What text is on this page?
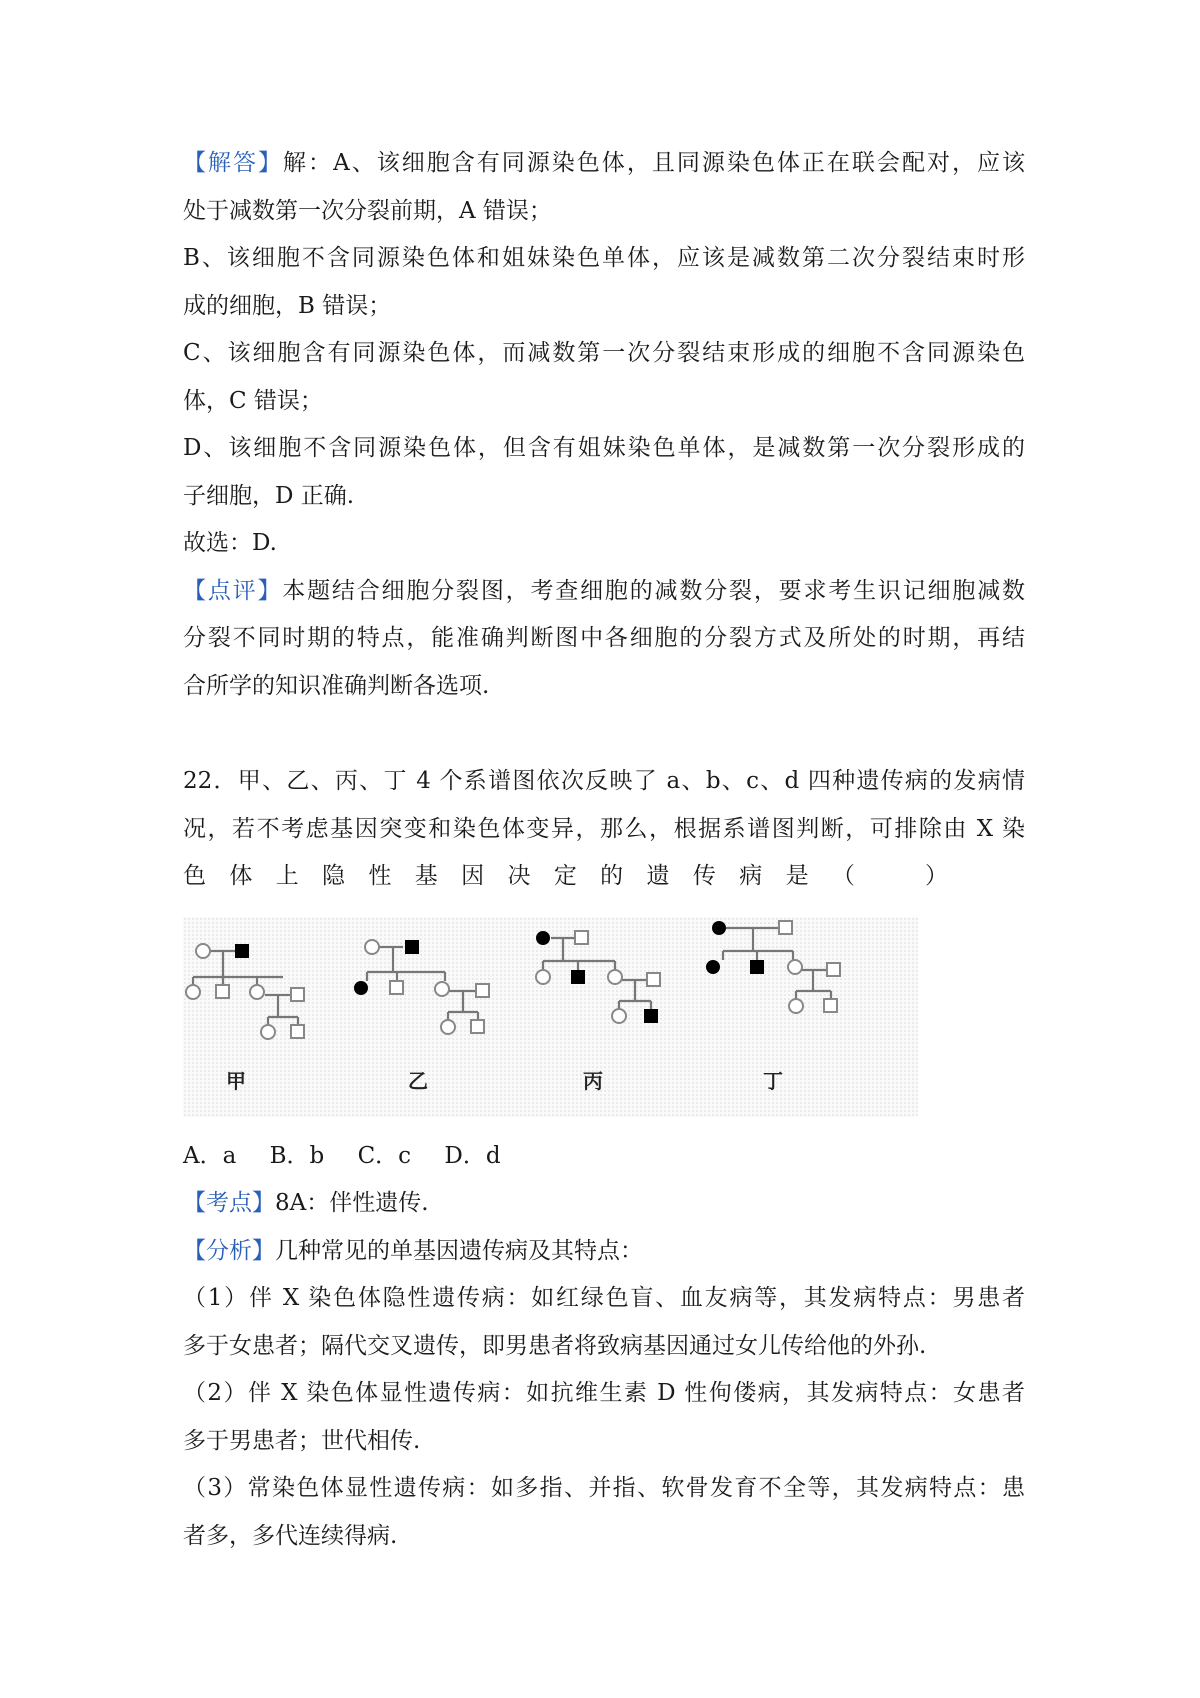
【解答】解：A、该细胞含有同源染色体，且同源染色体正在联会配对，应该
处于减数第一次分裂前期，A 错误；
B、该细胞不含同源染色体和姐妹染色单体，应该是减数第二次分裂结束时形
成的细胞，B 错误；
C、该细胞含有同源染色体，而减数第一次分裂结束形成的细胞不含同源染色
体，C 错误；
D、该细胞不含同源染色体，但含有姐妹染色单体，是减数第一次分裂形成的
子细胞，D 正确.
故选：D.
【点评】本题结合细胞分裂图，考查细胞的减数分裂，要求考生识记细胞减数
分裂不同时期的特点，能准确判断图中各细胞的分裂方式及所处的时期，再结
合所学的知识准确判断各选项.
22．甲、乙、丙、丁 4 个系谱图依次反映了 a、b、c、d 四种遗传病的发病情
况，若不考虑基因突变和染色体变异，那么，根据系谱图判断，可排除由 X 染
色 体 上 隐 性 基 因 决 定 的 遗 传 病 是 （　　）
甲	乙	丙	丁
A．a B．b C．c D．d
【考点】8A：伴性遗传.
【分析】几种常见的单基因遗传病及其特点：
（1）伴 X 染色体隐性遗传病：如红绿色盲、血友病等，其发病特点：男患者
多于女患者；隔代交叉遗传，即男患者将致病基因通过女儿传给他的外孙.
（2）伴 X 染色体显性遗传病：如抗维生素 D 性佝偻病，其发病特点：女患者
多于男患者；世代相传.
（3）常染色体显性遗传病：如多指、并指、软骨发育不全等，其发病特点：患
者多，多代连续得病.
